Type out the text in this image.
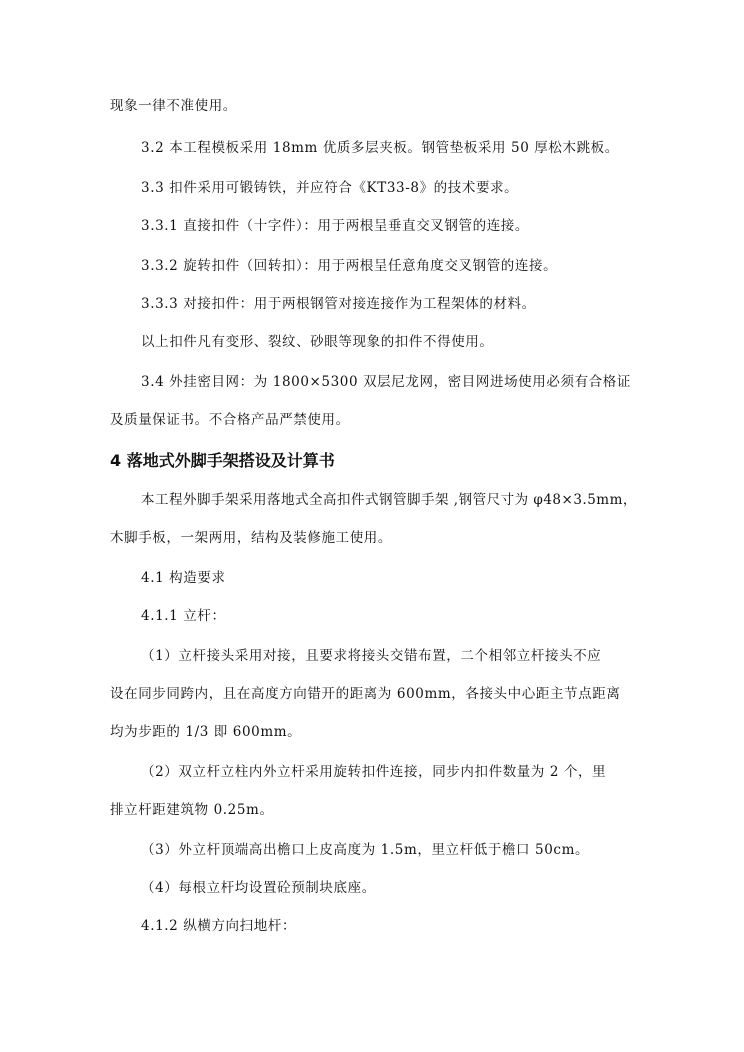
现象一律不准使用。
3.2 本工程模板采用 18mm 优质多层夹板。钢管垫板采用 50 厚松木跳板。
3.3 扣件采用可锻铸铁，并应符合《KT33-8》的技术要求。
3.3.1 直接扣件（十字件）：用于两根呈垂直交叉钢管的连接。
3.3.2 旋转扣件（回转扣）：用于两根呈任意角度交叉钢管的连接。
3.3.3 对接扣件：用于两根钢管对接连接作为工程架体的材料。
以上扣件凡有变形、裂纹、砂眼等现象的扣件不得使用。
3.4 外挂密目网：为 1800×5300 双层尼龙网，密目网进场使用必须有合格证
及质量保证书。不合格产品严禁使用。
4 落地式外脚手架搭设及计算书
本工程外脚手架采用落地式全高扣件式钢管脚手架 ,钢管尺寸为 φ48×3.5mm，
木脚手板，一架两用，结构及装修施工使用。
4.1 构造要求
4.1.1 立杆：
（1）立杆接头采用对接，且要求将接头交错布置，二个相邻立杆接头不应
设在同步同跨内，且在高度方向错开的距离为 600mm，各接头中心距主节点距离
均为步距的 1/3 即 600mm。
（2）双立杆立柱内外立杆采用旋转扣件连接，同步内扣件数量为 2 个，里
排立杆距建筑物 0.25m。
（3）外立杆顶端高出檐口上皮高度为 1.5m，里立杆低于檐口 50cm。
（4）每根立杆均设置砼预制块底座。
4.1.2 纵横方向扫地杆：
